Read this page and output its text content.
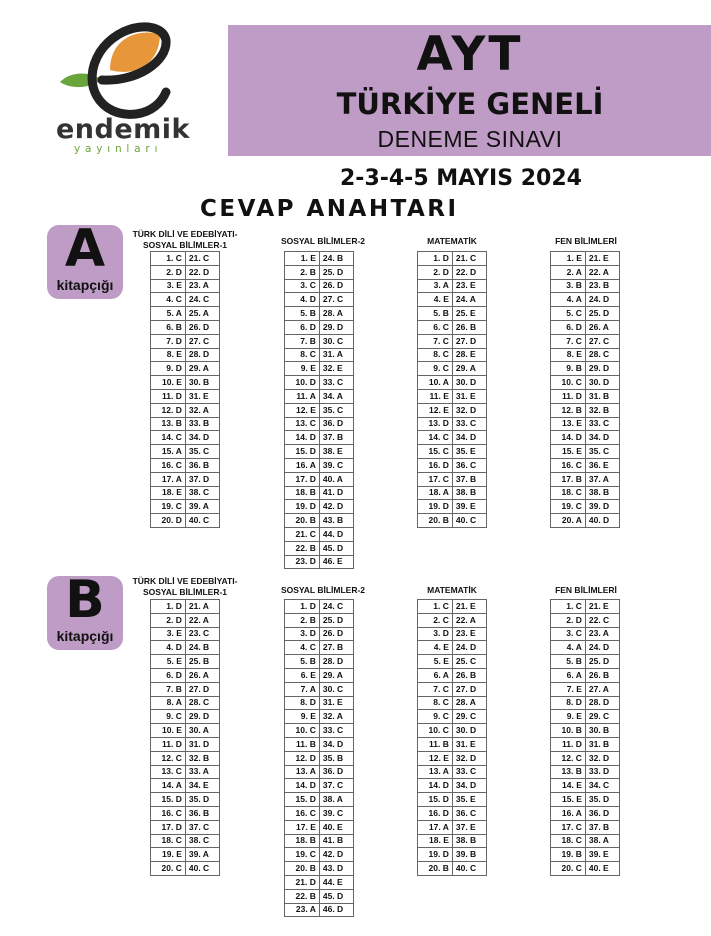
endemik
yayınları
AYT
TÜRKİYE GENELİ
DENEME SINAVI
2-3-4-5 MAYIS 2024
CEVAP ANAHTARI
A
kitapçığı
TÜRK DİLİ VE EDEBİYATI-
SOSYAL BİLİMLER-1	SOSYAL BİLİMLER-2	MATEMATİK	FEN BİLİMLERİ
1. C	21. C
2. D	22. D
3. E	23. A
4. C	24. C
5. A	25. A
6. B	26. D
7. D	27. C
8. E	28. D
9. D	29. A
10. E	30. B
11. D	31. E
12. D	32. A
13. B	33. B
14. C	34. D
15. A	35. C
16. C	36. B
17. A	37. D
18. E	38. C
19. C	39. A
20. D	40. C
1. E	24. B
2. B	25. D
3. C	26. D
4. D	27. C
5. B	28. A
6. D	29. D
7. B	30. C
8. C	31. A
9. E	32. E
10. D	33. C
11. A	34. A
12. E	35. C
13. C	36. D
14. D	37. B
15. D	38. E
16. A	39. C
17. D	40. A
18. B	41. D
19. D	42. D
20. B	43. B
21. C	44. D
22. B	45. D
23. D	46. E
1. D	21. C
2. D	22. D
3. A	23. E
4. E	24. A
5. B	25. E
6. C	26. B
7. C	27. D
8. C	28. E
9. C	29. A
10. A	30. D
11. E	31. E
12. E	32. D
13. D	33. C
14. C	34. D
15. C	35. E
16. D	36. C
17. C	37. B
18. A	38. B
19. D	39. E
20. B	40. C
1. E	21. E
2. A	22. A
3. B	23. B
4. A	24. D
5. C	25. D
6. D	26. A
7. C	27. C
8. E	28. C
9. B	29. D
10. C	30. D
11. D	31. B
12. B	32. B
13. E	33. C
14. D	34. D
15. E	35. C
16. C	36. E
17. B	37. A
18. C	38. B
19. C	39. D
20. A	40. D
B
kitapçığı
TÜRK DİLİ VE EDEBİYATI-
SOSYAL BİLİMLER-1	SOSYAL BİLİMLER-2	MATEMATİK	FEN BİLİMLERİ
1. D	21. A
2. D	22. A
3. E	23. C
4. D	24. B
5. E	25. B
6. D	26. A
7. B	27. D
8. A	28. C
9. C	29. D
10. E	30. A
11. D	31. D
12. C	32. B
13. C	33. A
14. A	34. E
15. D	35. D
16. C	36. B
17. D	37. C
18. C	38. C
19. E	39. A
20. C	40. C
1. D	24. C
2. B	25. D
3. D	26. D
4. C	27. B
5. B	28. D
6. E	29. A
7. A	30. C
8. D	31. E
9. E	32. A
10. C	33. C
11. B	34. D
12. D	35. B
13. A	36. D
14. D	37. C
15. D	38. A
16. C	39. C
17. E	40. E
18. B	41. B
19. C	42. D
20. B	43. D
21. D	44. E
22. B	45. D
23. A	46. D
1. C	21. E
2. C	22. A
3. D	23. E
4. E	24. D
5. E	25. C
6. A	26. B
7. C	27. D
8. C	28. A
9. C	29. C
10. C	30. D
11. B	31. E
12. E	32. D
13. A	33. C
14. D	34. D
15. D	35. E
16. D	36. C
17. A	37. E
18. E	38. B
19. D	39. B
20. B	40. C
1. C	21. E
2. D	22. C
3. C	23. A
4. A	24. D
5. B	25. D
6. A	26. B
7. E	27. A
8. D	28. D
9. E	29. C
10. B	30. B
11. D	31. B
12. C	32. D
13. B	33. D
14. E	34. C
15. E	35. D
16. A	36. D
17. C	37. B
18. C	38. A
19. B	39. E
20. C	40. E
